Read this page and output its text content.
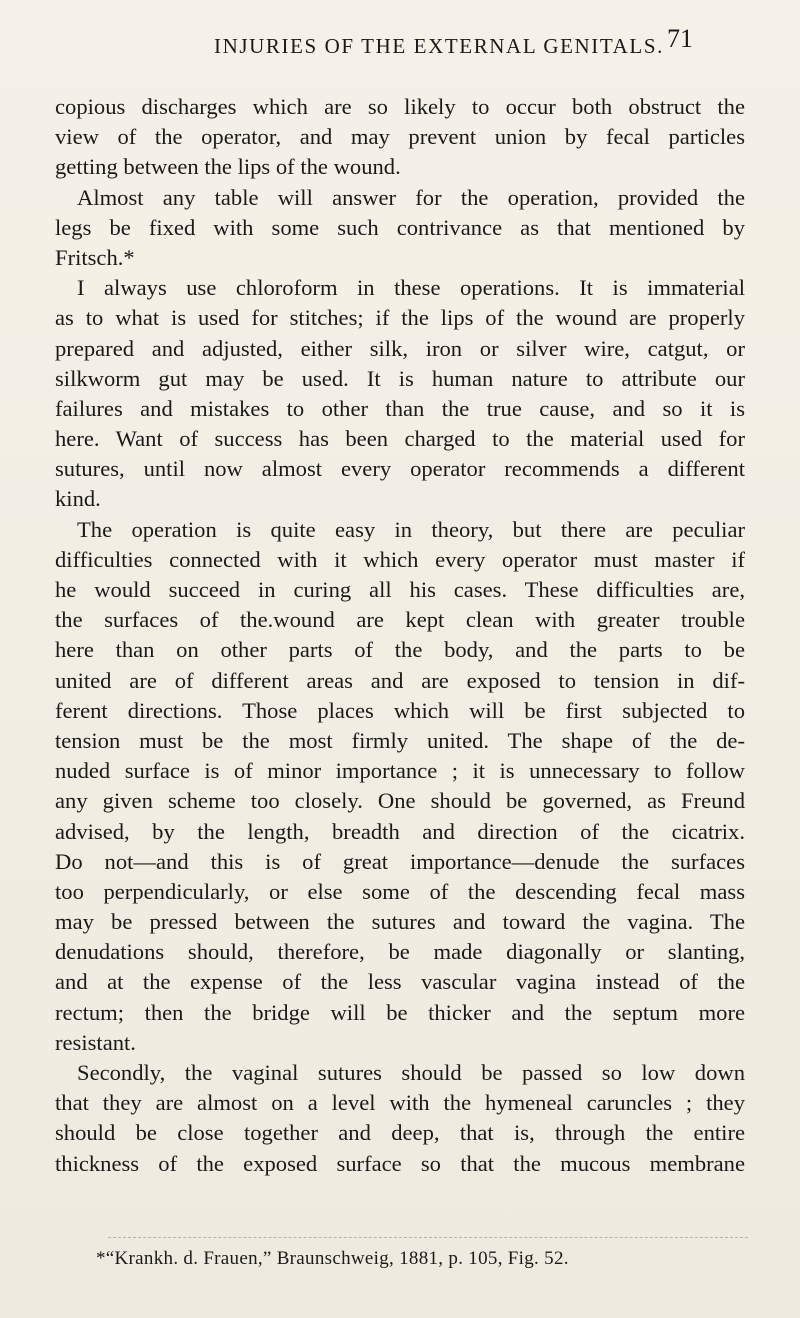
INJURIES OF THE EXTERNAL GENITALS. 71
copious discharges which are so likely to occur both obstruct the
view of the operator, and may prevent union by fecal particles
getting between the lips of the wound.
Almost any table will answer for the operation, provided the
legs be fixed with some such contrivance as that mentioned by
Fritsch.*
I always use chloroform in these operations. It is immaterial
as to what is used for stitches; if the lips of the wound are properly
prepared and adjusted, either silk, iron or silver wire, catgut, or
silkworm gut may be used. It is human nature to attribute our
failures and mistakes to other than the true cause, and so it is
here. Want of success has been charged to the material used for
sutures, until now almost every operator recommends a different
kind.
The operation is quite easy in theory, but there are peculiar
difficulties connected with it which every operator must master if
he would succeed in curing all his cases. These difficulties are,
the surfaces of the.wound are kept clean with greater trouble
here than on other parts of the body, and the parts to be
united are of different areas and are exposed to tension in dif-
ferent directions. Those places which will be first subjected to
tension must be the most firmly united. The shape of the de-
nuded surface is of minor importance ; it is unnecessary to follow
any given scheme too closely. One should be governed, as Freund
advised, by the length, breadth and direction of the cicatrix.
Do not—and this is of great importance—denude the surfaces
too perpendicularly, or else some of the descending fecal mass
may be pressed between the sutures and toward the vagina. The
denudations should, therefore, be made diagonally or slanting,
and at the expense of the less vascular vagina instead of the
rectum; then the bridge will be thicker and the septum more
resistant.
Secondly, the vaginal sutures should be passed so low down
that they are almost on a level with the hymeneal caruncles ; they
should be close together and deep, that is, through the entire
thickness of the exposed surface so that the mucous membrane
*“Krankh. d. Frauen,” Braunschweig, 1881, p. 105, Fig. 52.
